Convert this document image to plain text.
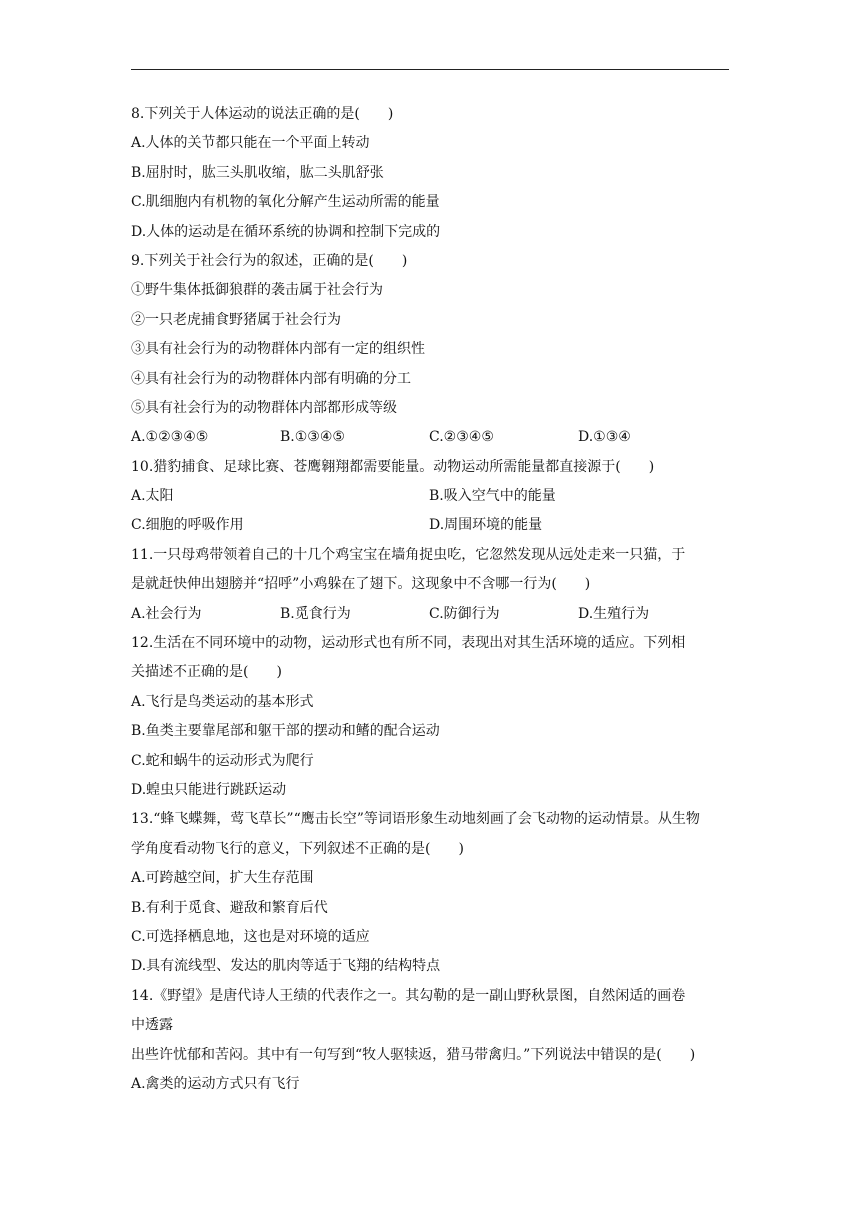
8.下列关于人体运动的说法正确的是(　　)
A.人体的关节都只能在一个平面上转动
B.屈肘时，肱三头肌收缩，肱二头肌舒张
C.肌细胞内有机物的氧化分解产生运动所需的能量
D.人体的运动是在循环系统的协调和控制下完成的
9.下列关于社会行为的叙述，正确的是(　　)
①野牛集体抵御狼群的袭击属于社会行为
②一只老虎捕食野猪属于社会行为
③具有社会行为的动物群体内部有一定的组织性
④具有社会行为的动物群体内部有明确的分工
⑤具有社会行为的动物群体内部都形成等级
A.①②③④⑤	B.①③④⑤	C.②③④⑤	D.①③④
10.猎豹捕食、足球比赛、苍鹰翱翔都需要能量。动物运动所需能量都直接源于(　　)
A.太阳	B.吸入空气中的能量
C.细胞的呼吸作用	D.周围环境的能量
11.一只母鸡带领着自己的十几个鸡宝宝在墙角捉虫吃，它忽然发现从远处走来一只猫，于
是就赶快伸出翅膀并“招呼”小鸡躲在了翅下。这现象中不含哪一行为(　　)
A.社会行为	B.觅食行为	C.防御行为	D.生殖行为
12.生活在不同环境中的动物，运动形式也有所不同，表现出对其生活环境的适应。下列相
关描述不正确的是(　　)
A.飞行是鸟类运动的基本形式
B.鱼类主要靠尾部和躯干部的摆动和鳍的配合运动
C.蛇和蜗牛的运动形式为爬行
D.蝗虫只能进行跳跃运动
13.“蜂飞蝶舞，莺飞草长”“鹰击长空”等词语形象生动地刻画了会飞动物的运动情景。从生物
学角度看动物飞行的意义，下列叙述不正确的是(　　)
A.可跨越空间，扩大生存范围
B.有利于觅食、避敌和繁育后代
C.可选择栖息地，这也是对环境的适应
D.具有流线型、发达的肌肉等适于飞翔的结构特点
14.《野望》是唐代诗人王绩的代表作之一。其勾勒的是一副山野秋景图，自然闲适的画卷
中透露
出些许忧郁和苦闷。其中有一句写到“牧人驱犊返，猎马带禽归。”下列说法中错误的是(　　)
A.禽类的运动方式只有飞行
